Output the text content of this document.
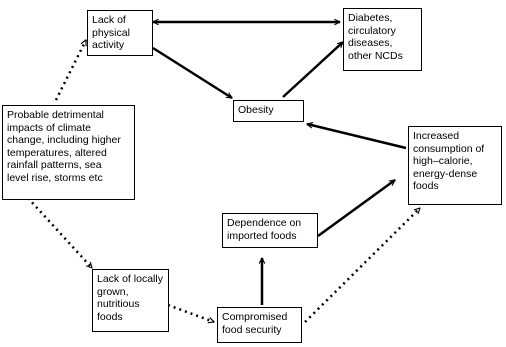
Probable detrimental
impacts of climate
change, including higher
temperatures, altered
rainfall patterns, sea
level rise, storms etc
Lack of
physical
activity
Diabetes,
circulatory
diseases,
other NCDs
Obesity
Increased
consumption of
high–calorie,
energy-dense
foods
Dependence on
imported foods
Lack of locally
grown,
nutritious
foods	Compromised
food security
